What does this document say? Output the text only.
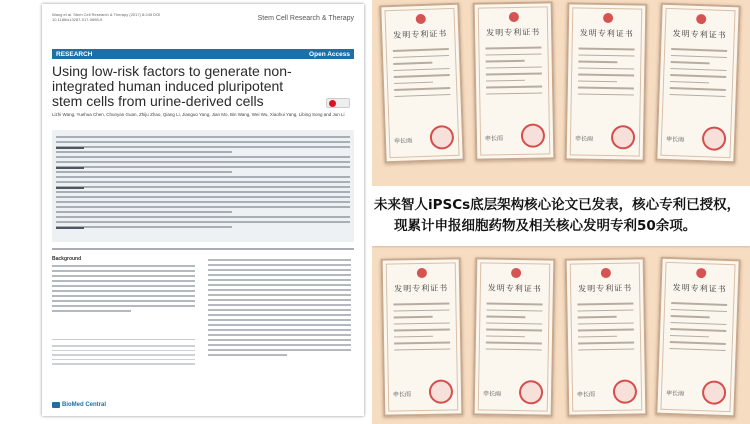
Wang et al. Stem Cell Research & Therapy (2017) 8:245 DOI 10.1186/s13287-017-0698-9	Stem Cell Research & Therapy
RESEARCH	Open Access
Using low-risk factors to generate non-integrated human induced pluripotent stem cells from urine-derived cells
Lizhi Wang, Yuehua Chen, Chunyan Guan, Zhiju Zhao, Qiang Li, Jianguo Yang, Jian Mo, Bin Wang, Wei Wu, Xiaohui Yang, Libing Song and Jun Li
Background
BioMed Central
发明专利证书
申长雨
发明专利证书
申长雨
发明专利证书
申长雨
发明专利证书
申长雨
发明专利证书
申长雨
发明专利证书
申长雨
发明专利证书
申长雨
发明专利证书
申长雨
未来智人iPSCs底层架构核心论文已发表，核心专利已授权，
现累计申报细胞药物及相关核心发明专利50余项。
